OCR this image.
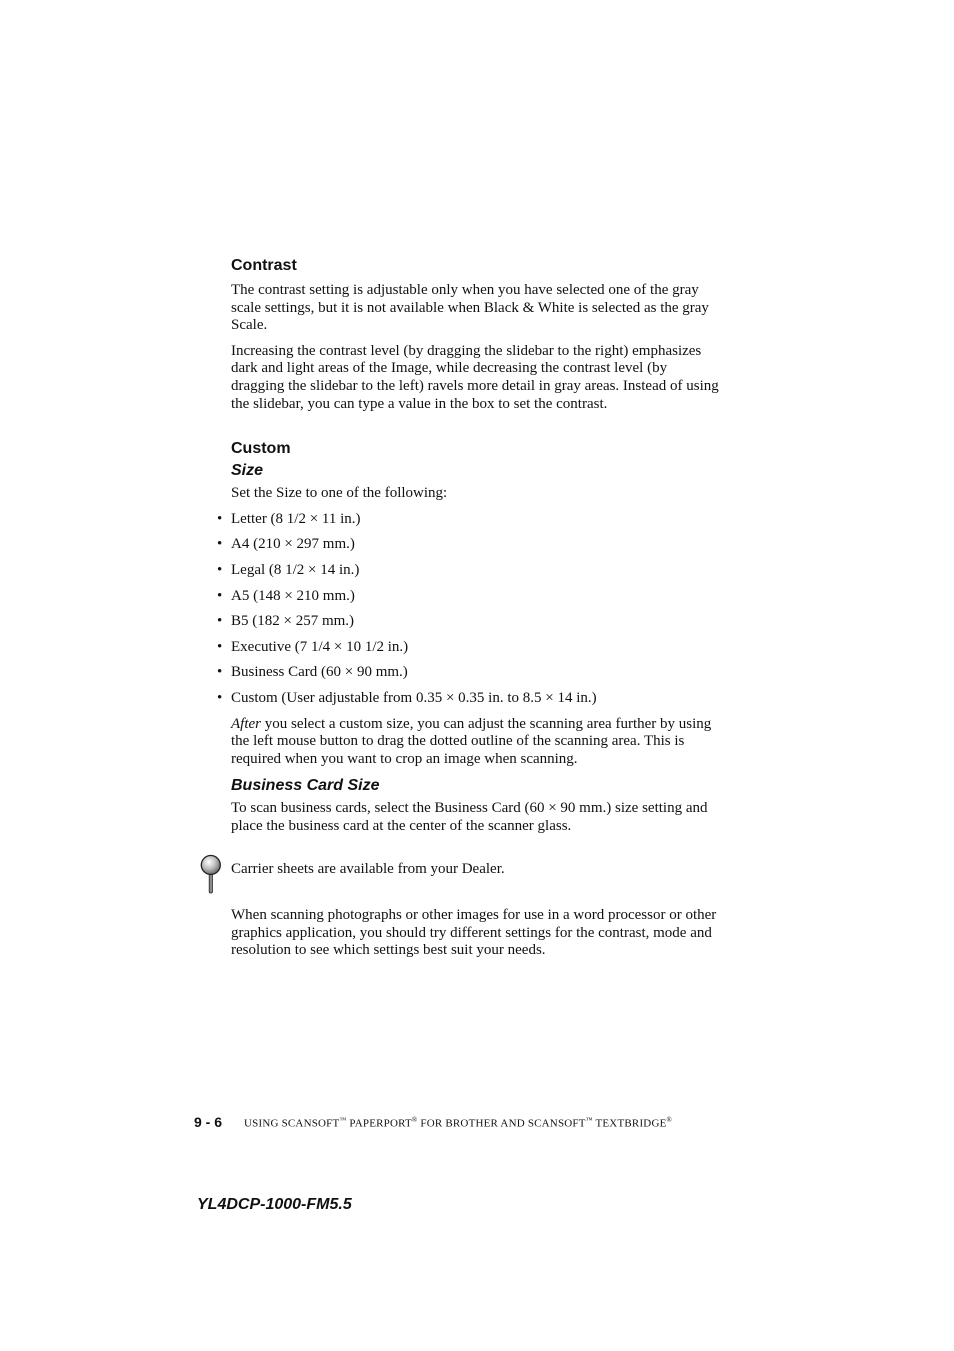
Contrast

The contrast setting is adjustable only when you have selected one of the gray scale settings, but it is not available when Black & White is selected as the gray Scale.

Increasing the contrast level (by dragging the slidebar to the right) emphasizes dark and light areas of the Image, while decreasing the contrast level (by dragging the slidebar to the left) ravels more detail in gray areas. Instead of using the slidebar, you can type a value in the box to set the contrast.

Custom
Size

Set the Size to one of the following:

• Letter (8 1/2 × 11 in.)
• A4 (210 × 297 mm.)
• Legal (8 1/2 × 14 in.)
• A5 (148 × 210 mm.)
• B5 (182 × 257 mm.)
• Executive (7 1/4 × 10 1/2 in.)
• Business Card (60 × 90 mm.)
• Custom (User adjustable from 0.35 × 0.35 in. to 8.5 × 14 in.)

After you select a custom size, you can adjust the scanning area further by using the left mouse button to drag the dotted outline of the scanning area. This is required when you want to crop an image when scanning.

Business Card Size

To scan business cards, select the Business Card (60 × 90 mm.) size setting and place the business card at the center of the scanner glass.

Carrier sheets are available from your Dealer.

When scanning photographs or other images for use in a word processor or other graphics application, you should try different settings for the contrast, mode and resolution to see which settings best suit your needs.

9 - 6 USING SCANSOFT™ PAPERPORT® FOR BROTHER AND SCANSOFT™ TEXTBRIDGE®
YL4DCP-1000-FM5.5
